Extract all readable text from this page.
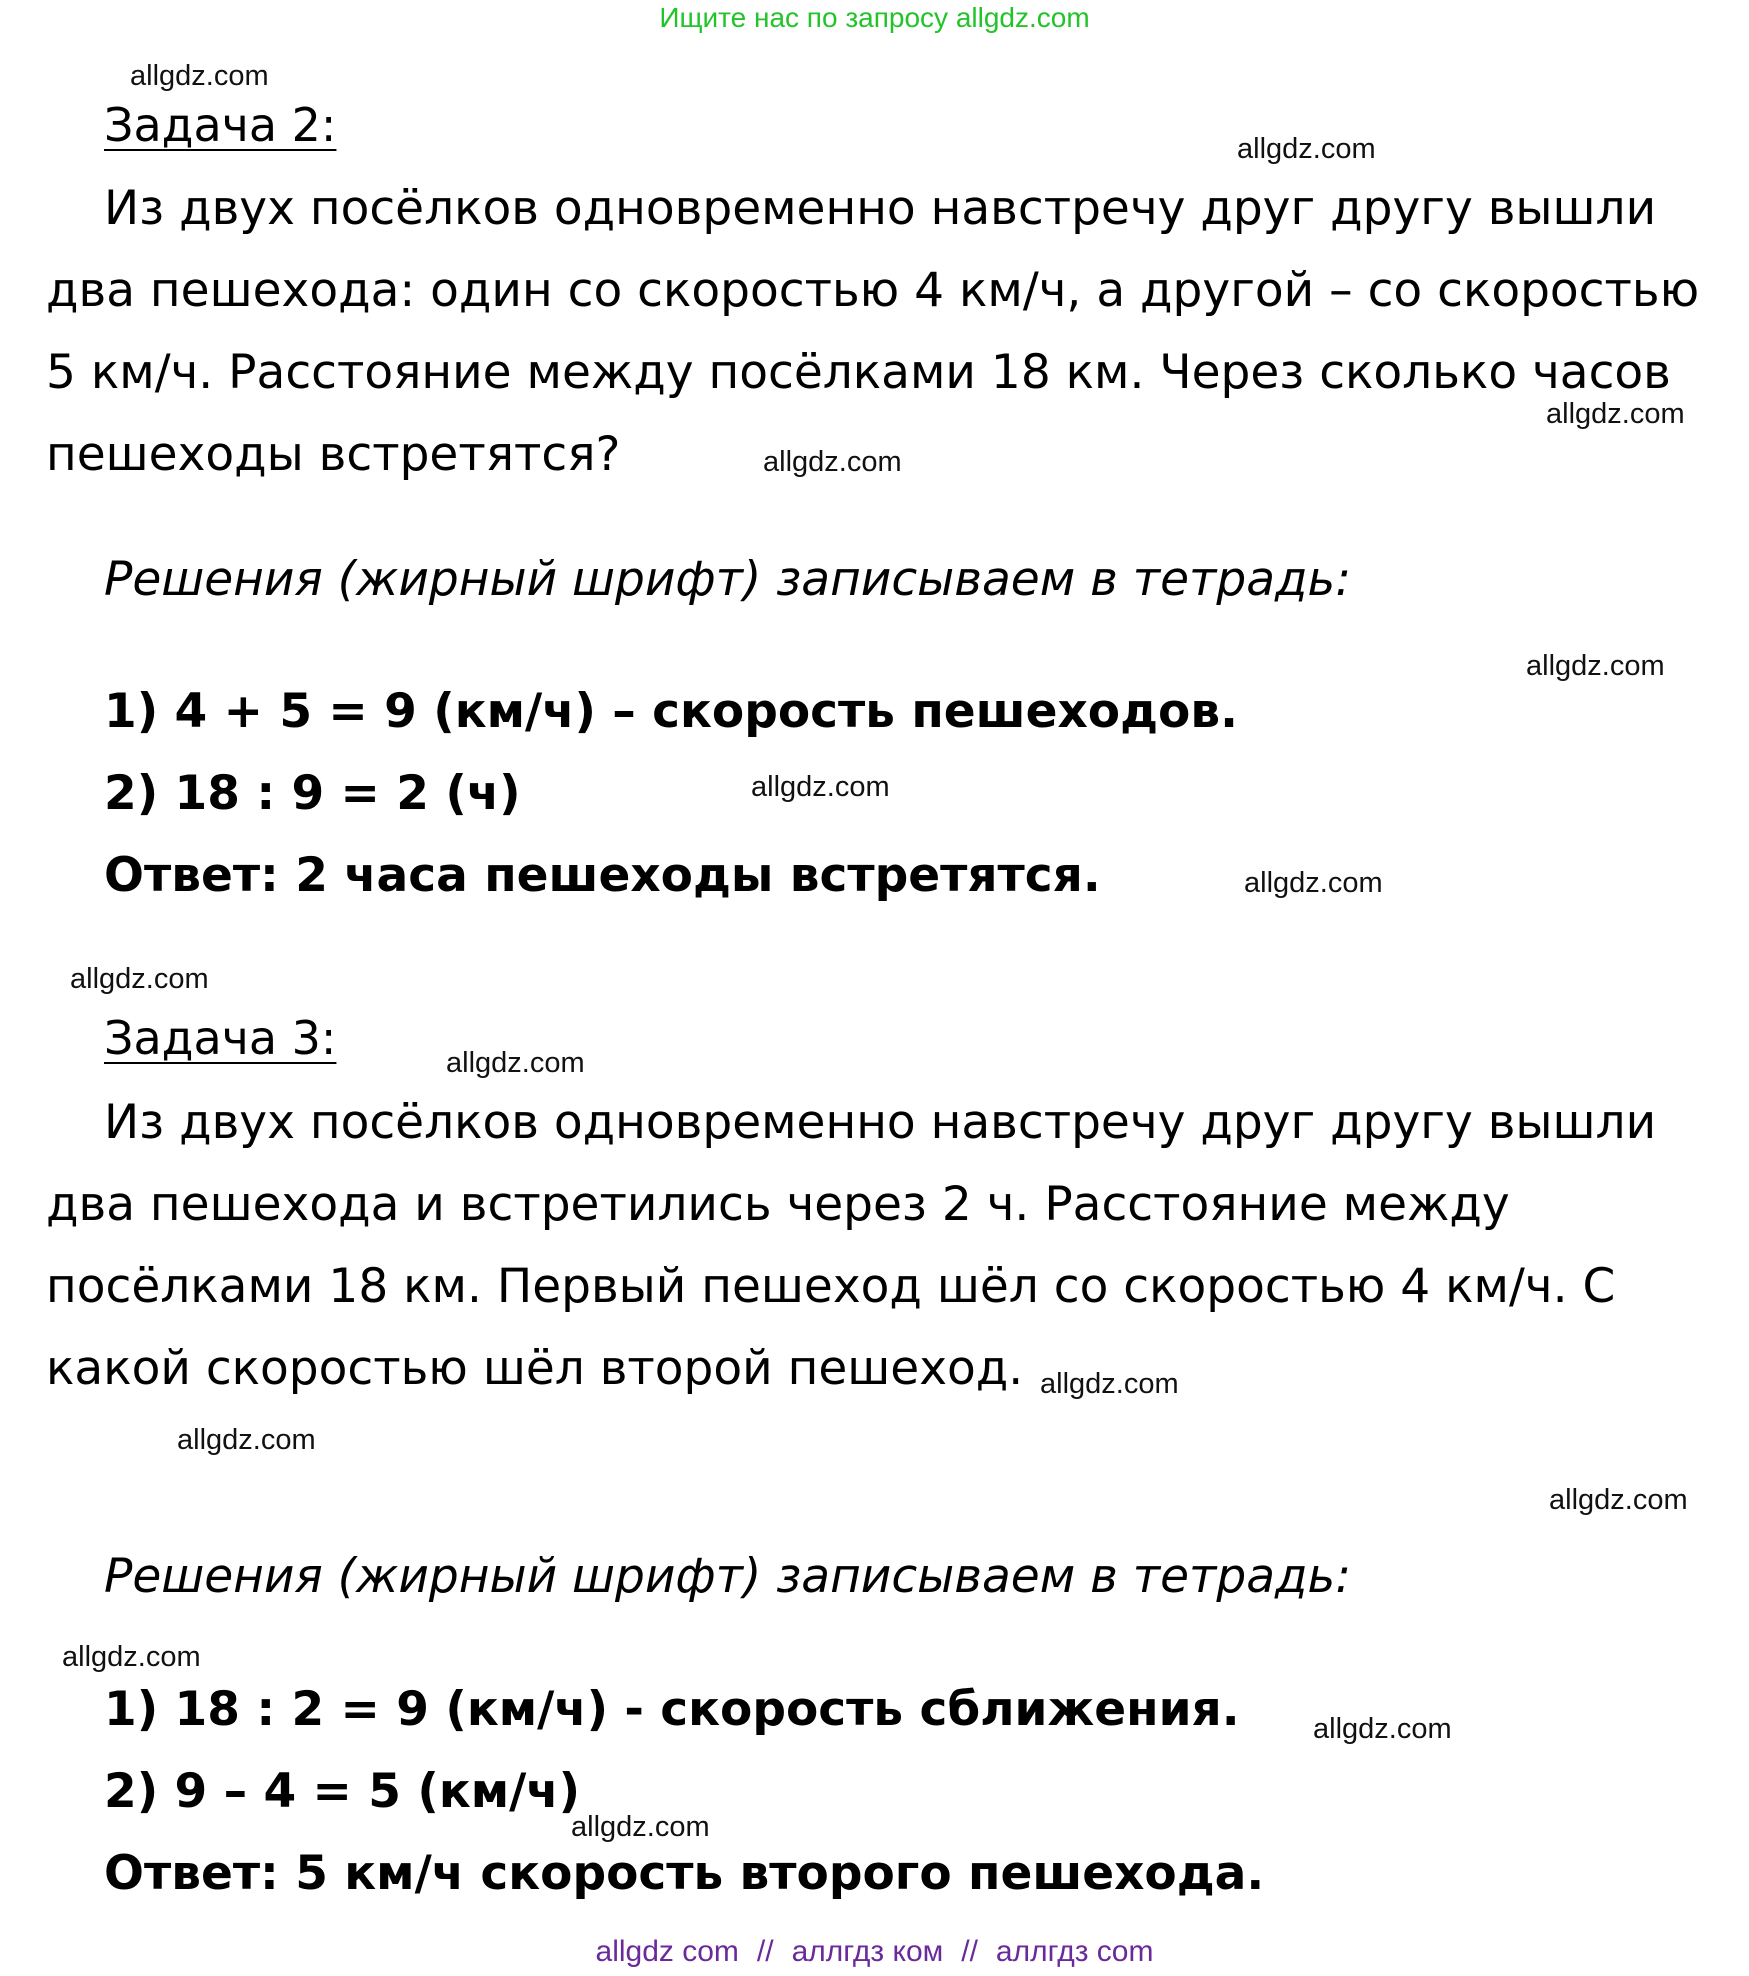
Ищите нас по запросу allgdz.com
allgdz.com
allgdz.com
allgdz.com
allgdz.com
allgdz.com
allgdz.com
allgdz.com
allgdz.com
allgdz.com
allgdz.com
allgdz.com
allgdz.com
allgdz.com
allgdz.com
allgdz.com
Задача 2:
Из двух посёлков одновременно навстречу друг другу вышли
два пешехода: один со скоростью 4 км/ч, а другой – со скоростью
5 км/ч. Расстояние между посёлками 18 км. Через сколько часов
пешеходы встретятся?
Решения (жирный шрифт) записываем в тетрадь:
1) 4 + 5 = 9 (км/ч) – скорость пешеходов.
2) 18 : 9 = 2 (ч)
Ответ: 2 часа пешеходы встретятся.
Задача 3:
Из двух посёлков одновременно навстречу друг другу вышли
два пешехода и встретились через 2 ч. Расстояние между
посёлками 18 км. Первый пешеход шёл со скоростью 4 км/ч. С
какой скоростью шёл второй пешеход.
Решения (жирный шрифт) записываем в тетрадь:
1) 18 : 2 = 9 (км/ч) - скорость сближения.
2) 9 – 4 = 5 (км/ч)
Ответ: 5 км/ч скорость второго пешехода.
allgdz com // аллгдз ком // аллгдз com
